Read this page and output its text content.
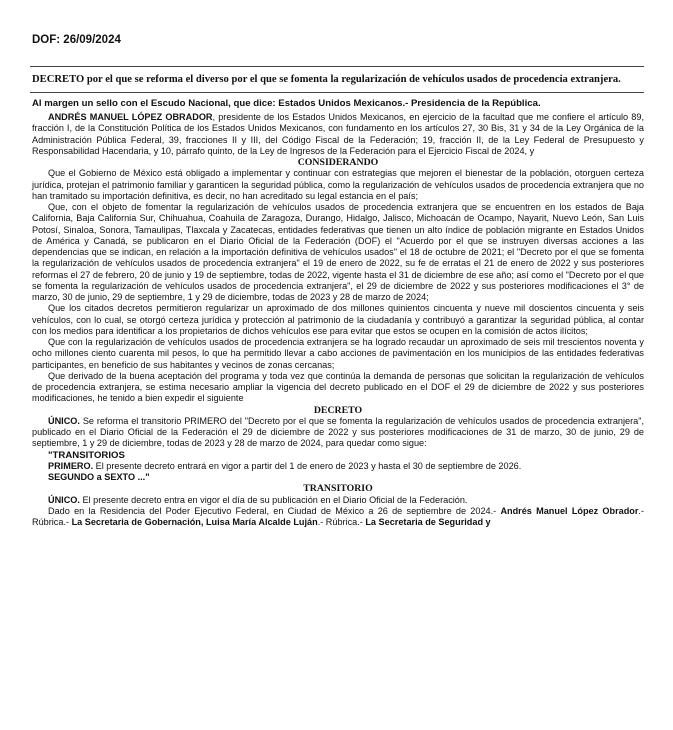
DOF: 26/09/2024
DECRETO por el que se reforma el diverso por el que se fomenta la regularización de vehículos usados de procedencia extranjera.
Al margen un sello con el Escudo Nacional, que dice: Estados Unidos Mexicanos.- Presidencia de la República.

ANDRÉS MANUEL LÓPEZ OBRADOR, presidente de los Estados Unidos Mexicanos, en ejercicio de la facultad que me confiere el artículo 89, fracción I, de la Constitución Política de los Estados Unidos Mexicanos, con fundamento en los artículos 27, 30 Bis, 31 y 34 de la Ley Orgánica de la Administración Pública Federal, 39, fracciones II y III, del Código Fiscal de la Federación; 19, fracción II, de la Ley Federal de Presupuesto y Responsabilidad Hacendaria, y 10, párrafo quinto, de la Ley de Ingresos de la Federación para el Ejercicio Fiscal de 2024, y

CONSIDERANDO

Que el Gobierno de México está obligado a implementar y continuar con estrategias que mejoren el bienestar de la población, otorguen certeza jurídica, protejan el patrimonio familiar y garanticen la seguridad pública, como la regularización de vehículos usados de procedencia extranjera que no han tramitado su importación definitiva, es decir, no han acreditado su legal estancia en el país;

Que, con el objeto de fomentar la regularización de vehículos usados de procedencia extranjera que se encuentren en los estados de Baja California, Baja California Sur, Chihuahua, Coahuila de Zaragoza, Durango, Hidalgo, Jalisco, Michoacán de Ocampo, Nayarit, Nuevo León, San Luis Potosí, Sinaloa, Sonora, Tamaulipas, Tlaxcala y Zacatecas, entidades federativas que tienen un alto índice de población migrante en Estados Unidos de América y Canadá, se publicaron en el Diario Oficial de la Federación (DOF) el "Acuerdo por el que se instruyen diversas acciones a las dependencias que se indican, en relación a la importación definitiva de vehículos usados" el 18 de octubre de 2021; el "Decreto por el que se fomenta la regularización de vehículos usados de procedencia extranjera" el 19 de enero de 2022, su fe de erratas el 21 de enero de 2022 y sus posteriores reformas el 27 de febrero, 20 de junio y 19 de septiembre, todas de 2022, vigente hasta el 31 de diciembre de ese año; así como el "Decreto por el que se fomenta la regularización de vehículos usados de procedencia extranjera", el 29 de diciembre de 2022 y sus posteriores modificaciones el 3° de marzo, 30 de junio, 29 de septiembre, 1 y 29 de diciembre, todas de 2023 y 28 de marzo de 2024;

Que los citados decretos permitieron regularizar un aproximado de dos millones quinientos cincuenta y nueve mil doscientos cincuenta y seis vehículos, con lo cual, se otorgó certeza jurídica y protección al patrimonio de la ciudadanía y contribuyó a garantizar la seguridad pública, al contar con los medios para identificar a los propietarios de dichos vehículos ese para evitar que estos se ocupen en la comisión de actos ilícitos;

Que con la regularización de vehículos usados de procedencia extranjera se ha logrado recaudar un aproximado de seis mil trescientos noventa y ocho millones ciento cuarenta mil pesos, lo que ha permitido llevar a cabo acciones de pavimentación en los municipios de las entidades federativas participantes, en beneficio de sus habitantes y vecinos de zonas cercanas;

Que derivado de la buena aceptación del programa y toda vez que continúa la demanda de personas que solicitan la regularización de vehículos de procedencia extranjera, se estima necesario ampliar la vigencia del decreto publicado en el DOF el 29 de diciembre de 2022 y sus posteriores modificaciones, he tenido a bien expedir el siguiente

DECRETO

ÚNICO. Se reforma el transitorio PRIMERO del "Decreto por el que se fomenta la regularización de vehículos usados de procedencia extranjera", publicado en el Diario Oficial de la Federación el 29 de diciembre de 2022 y sus posteriores modificaciones de 31 de marzo, 30 de junio, 29 de septiembre, 1 y 29 de diciembre, todas de 2023 y 28 de marzo de 2024, para quedar como sigue:

"TRANSITORIOS

PRIMERO. El presente decreto entrará en vigor a partir del 1 de enero de 2023 y hasta el 30 de septiembre de 2026.

SEGUNDO a SEXTO ..."

TRANSITORIO

ÚNICO. El presente decreto entra en vigor el día de su publicación en el Diario Oficial de la Federación.

Dado en la Residencia del Poder Ejecutivo Federal, en Ciudad de México a 26 de septiembre de 2024.- Andrés Manuel López Obrador.- Rúbrica.- La Secretaria de Gobernación, Luisa María Alcalde Luján.- Rúbrica.- La Secretaria de Seguridad y
